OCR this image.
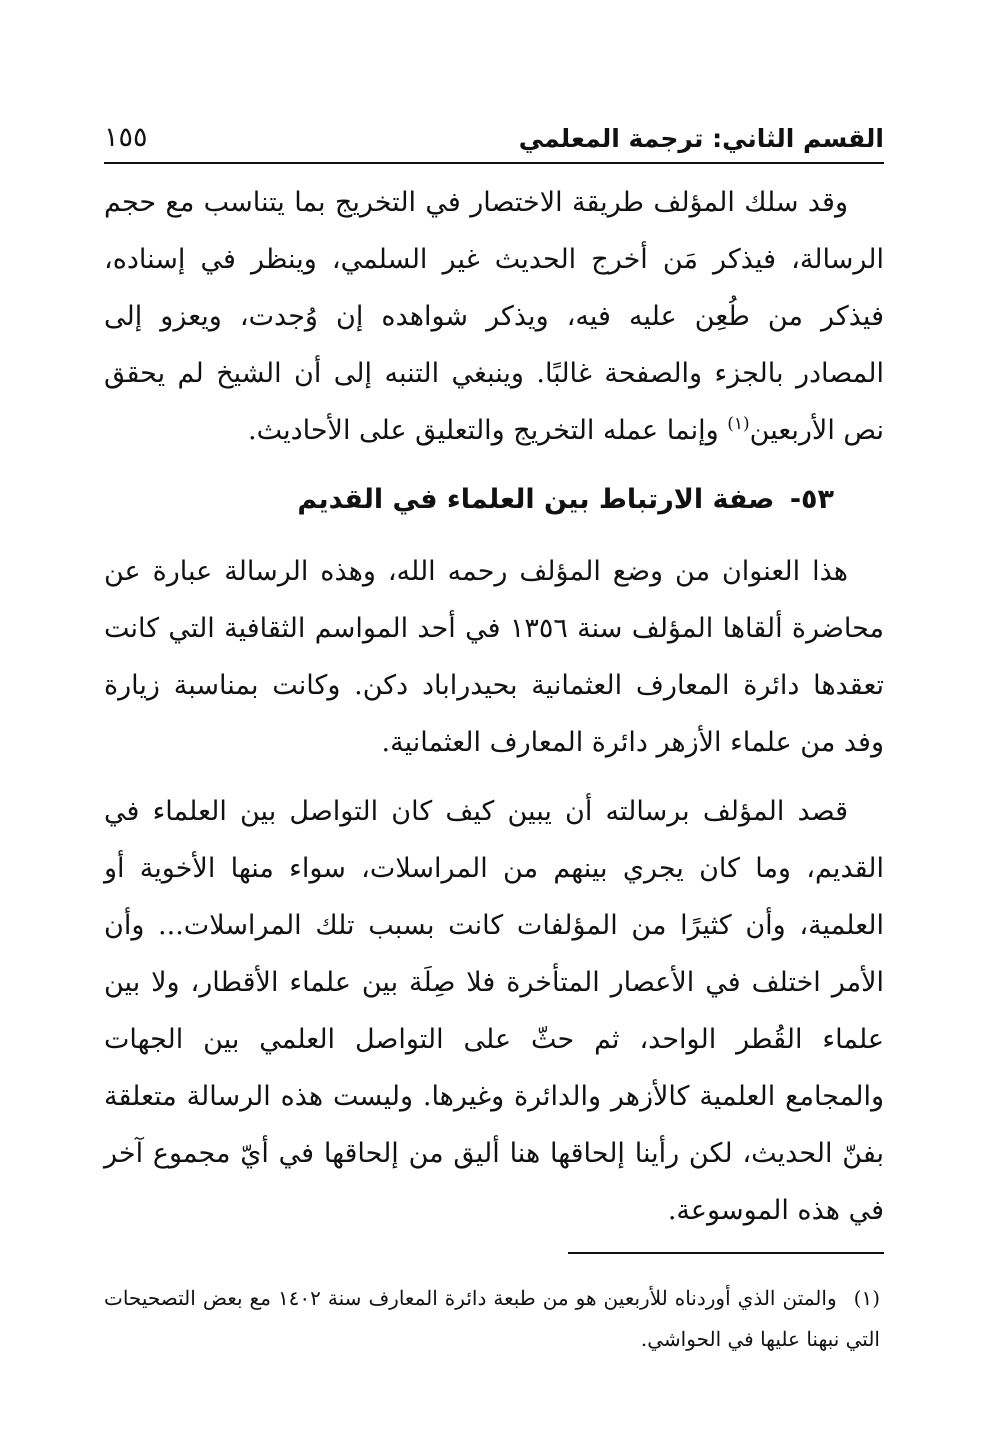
القسم الثاني: ترجمة المعلمي
١٥٥

وقد سلك المؤلف طريقة الاختصار في التخريج بما يتناسب مع حجم الرسالة، فيذكر مَن أخرج الحديث غير السلمي، وينظر في إسناده، فيذكر من طُعِن عليه فيه، ويذكر شواهده إن وُجدت، ويعزو إلى المصادر بالجزء والصفحة غالبًا. وينبغي التنبه إلى أن الشيخ لم يحقق نص الأربعين$^{(١)}$ وإنما عمله التخريج والتعليق على الأحاديث.

٥٣- صفة الارتباط بين العلماء في القديم

هذا العنوان من وضع المؤلف رحمه الله، وهذه الرسالة عبارة عن محاضرة ألقاها المؤلف سنة ١٣٥٦ في أحد المواسم الثقافية التي كانت تعقدها دائرة المعارف العثمانية بحيدراباد دكن. وكانت بمناسبة زيارة وفد من علماء الأزهر دائرة المعارف العثمانية.

قصد المؤلف برسالته أن يبين كيف كان التواصل بين العلماء في القديم، وما كان يجري بينهم من المراسلات، سواء منها الأخوية أو العلمية، وأن كثيرًا من المؤلفات كانت بسبب تلك المراسلات... وأن الأمر اختلف في الأعصار المتأخرة فلا صِلَة بين علماء الأقطار، ولا بين علماء القُطر الواحد، ثم حثّ على التواصل العلمي بين الجهات والمجامع العلمية كالأزهر والدائرة وغيرها. وليست هذه الرسالة متعلقة بفنّ الحديث، لكن رأينا إلحاقها هنا أليق من إلحاقها في أيّ مجموع آخر في هذه الموسوعة.

(١) والمتن الذي أوردناه للأربعين هو من طبعة دائرة المعارف سنة ١٤٠٢ مع بعض التصحيحات التي نبهنا عليها في الحواشي.
